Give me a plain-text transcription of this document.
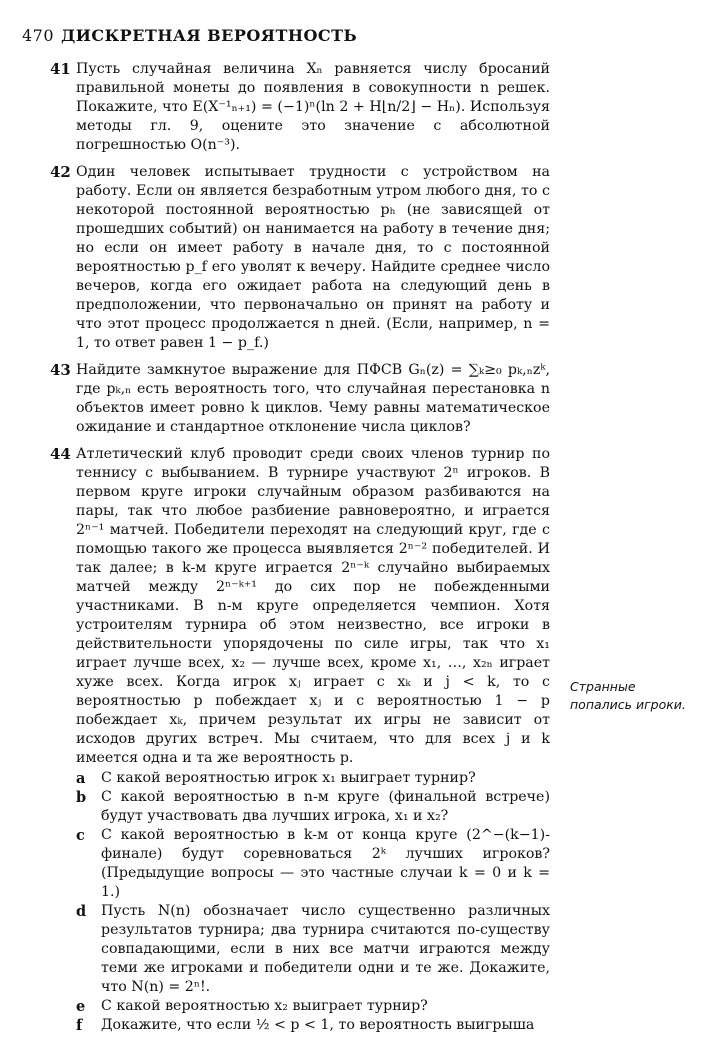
470 ДИСКРЕТНАЯ ВЕРОЯТНОСТЬ
41 Пусть случайная величина Xₙ равняется числу бросаний правильной монеты до появления в совокупности n решек. Покажите, что E(X⁻¹ₙ₊₁) = (−1)ⁿ(ln 2 + H⌊n/2⌋ − Hₙ). Используя методы гл. 9, оцените это значение с абсолютной погрешностью O(n⁻³).
42 Один человек испытывает трудности с устройством на работу. Если он является безработным утром любого дня, то с некоторой постоянной вероятностью pₕ (не зависящей от прошедших событий) он нанимается на работу в течение дня; но если он имеет работу в начале дня, то с постоянной вероятностью p_f его уволят к вечеру. Найдите среднее число вечеров, когда его ожидает работа на следующий день в предположении, что первоначально он принят на работу и что этот процесс продолжается n дней. (Если, например, n = 1, то ответ равен 1 − p_f.)
43 Найдите замкнутое выражение для ПФСВ Gₙ(z) = ∑ₖ≥₀ pₖ,ₙzᵏ, где pₖ,ₙ есть вероятность того, что случайная перестановка n объектов имеет ровно k циклов. Чему равны математическое ожидание и стандартное отклонение числа циклов?
44 Атлетический клуб проводит среди своих членов турнир по теннису с выбыванием. В турнире участвуют 2ⁿ игроков. В первом круге игроки случайным образом разбиваются на пары, так что любое разбиение равновероятно, и играется 2ⁿ⁻¹ матчей. Победители переходят на следующий круг, где с помощью такого же процесса выявляется 2ⁿ⁻² победителей. И так далее; в k-м круге играется 2ⁿ⁻ᵏ случайно выбираемых матчей между 2ⁿ⁻ᵏ⁺¹ до сих пор не побежденными участниками. В n-м круге определяется чемпион. Хотя устроителям турнира об этом неизвестно, все игроки в действительности упорядочены по силе игры, так что x₁ играет лучше всех, x₂ — лучше всех, кроме x₁, …, x₂ₙ играет хуже всех. Когда игрок xⱼ играет с xₖ и j < k, то с вероятностью p побеждает xⱼ и с вероятностью 1 − p побеждает xₖ, причем результат их игры не зависит от исходов других встреч. Мы считаем, что для всех j и k имеется одна и та же вероятность p.
a	С какой вероятностью игрок x₁ выиграет турнир?
b	С какой вероятностью в n-м круге (финальной встрече) будут участвовать два лучших игрока, x₁ и x₂?
c	С какой вероятностью в k-м от конца круге (2^−(k−1)-финале) будут соревноваться 2ᵏ лучших игроков? (Предыдущие вопросы — это частные случаи k = 0 и k = 1.)
d	Пусть N(n) обозначает число существенно различных результатов турнира; два турнира считаются по-существу совпадающими, если в них все матчи играются между теми же игроками и победители одни и те же. Докажите, что N(n) = 2ⁿ!.
e	С какой вероятностью x₂ выиграет турнир?
f	Докажите, что если ½ < p < 1, то вероятность выигрыша
Странные попались игроки.
